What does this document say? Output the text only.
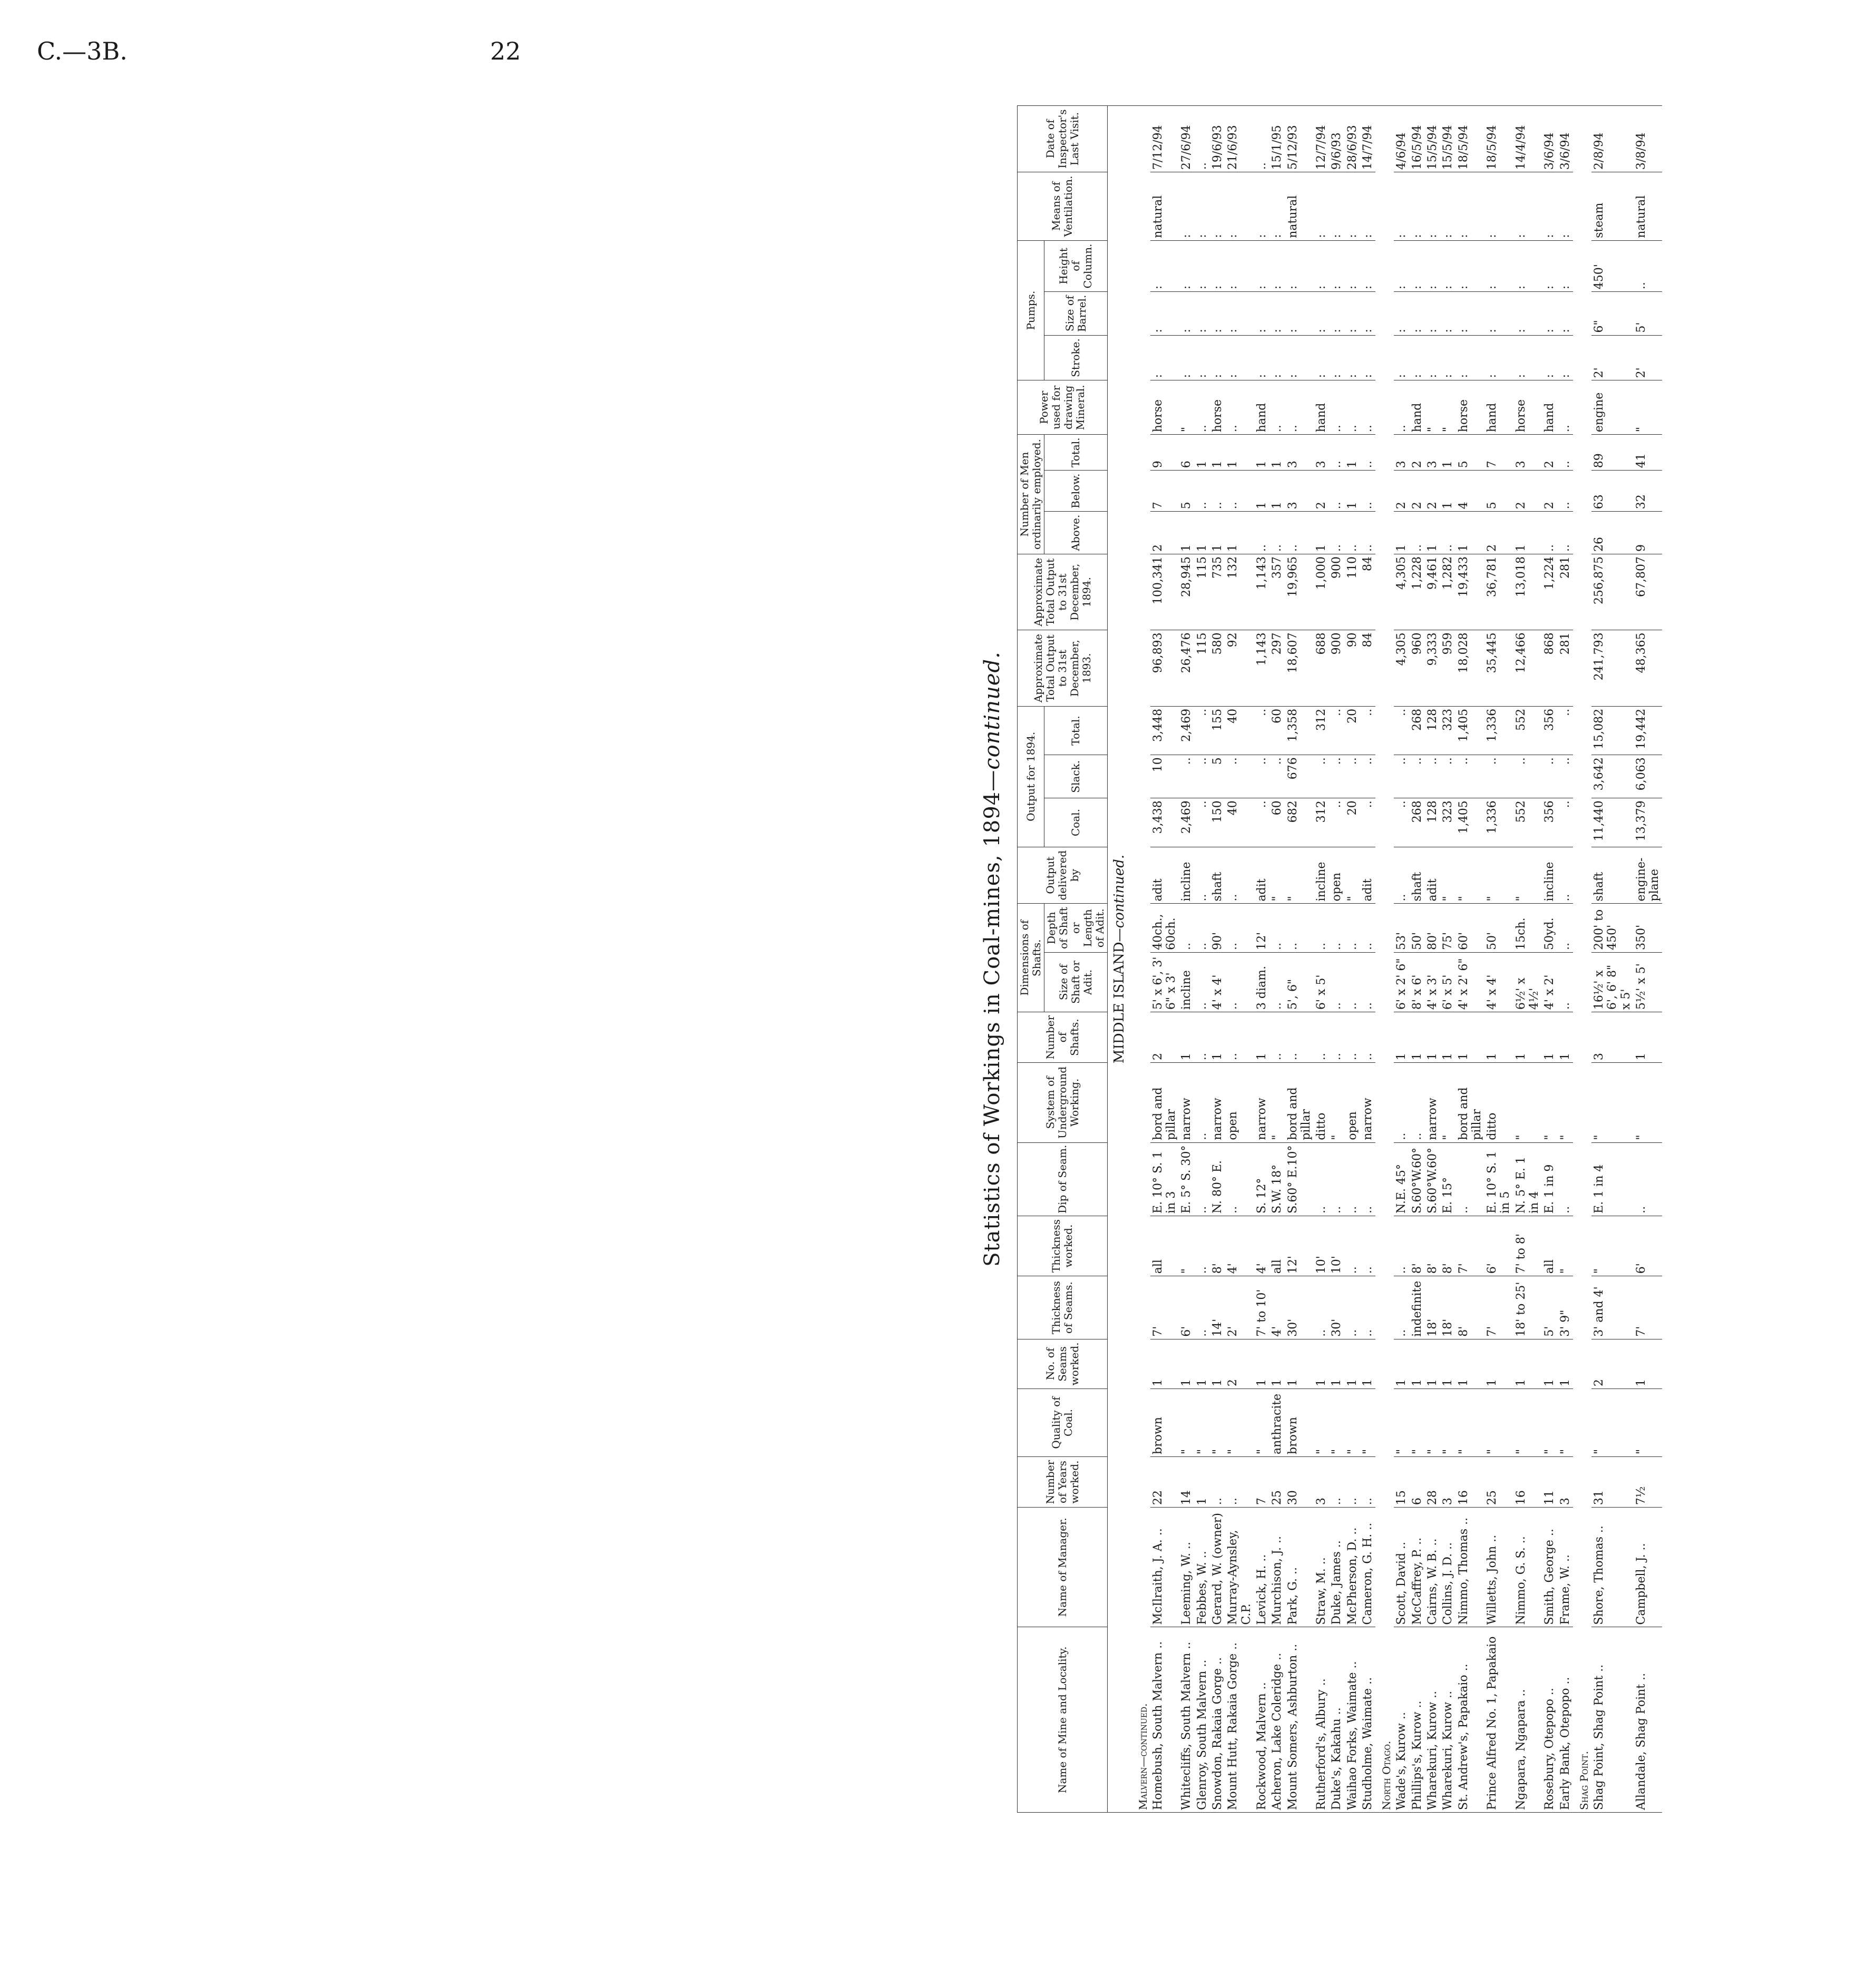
C.—3B.	22
Statistics of Workings in Coal-mines, 1894—continued.
Name of Mine and Locality.	Name of Manager.	Number of Years worked.	Quality of Coal.	No. of Seams worked.	Thickness of Seams.	Thickness worked.	Dip of Seam.	System of Underground Working.	Number of Shafts.	Dimensions of Shafts.		Output delivered by	Output for 1894.			Approximate Total Output to 31st December, 1893.	Approximate Total Output to 31st December, 1894.	Number of Men ordinarily employed.			Power used for drawing Mineral.	Pumps.			Means of Ventilation.	Date of Inspector's Last Visit.
										Size of Shaft or Adit.	Depth of Shaft or Length of Adit.		Coal.	Slack.	Total.			Above.	Below.	Total.		Stroke.	Size of Barrel.	Height of Column.		

MIDDLE ISLAND—continued.																										
Malvern—continued.																										
Homebush, South Malvern ..	McIlraith, J. A. ..	22	brown	1	7'	all	E. 10° S. 1 in 3	bord and pillar	2	5' x 6', 3' 6" x 3'	40ch., 60ch.	adit	3,438	10	3,448	96,893	100,341	2	7	9	horse	:	:	:	natural	7/12/94
Whitecliffs, South Malvern ..	Leeming, W. ..	14	"	1	6'	"	E. 5° S. 30°	narrow	1	incline	..	incline	2,469	..	2,469	26,476	28,945	1	5	6	"	:	:	:	:	27/6/94
Glenroy, South Malvern ..	Febbes, W. ..	1	"	1	..	..	..	..	..	..	..	..	..	..	..	115	115	1	..	1	..	:	:	:	:	..
Snowdon, Rakaia Gorge ..	Gerard, W. (owner)	..	"	1	14'	8'	N. 80° E.	narrow	1	4' x 4'	90'	shaft	150	5	155	580	735	1	..	1	horse	:	:	:	:	19/6/93
Mount Hutt, Rakaia Gorge ..	Murray-Aynsley, C.P.	..	"	2	2'	4'	..	open	..	..	..	..	40	..	40	92	132	1	..	1	..	:	:	:	:	21/6/93
Rockwood, Malvern ..	Levick, H. ..	7	"	1	7' to 10'	4'	S. 12°	narrow	1	3 diam.	12'	adit	..	..	..	1,143	1,143	..	1	1	hand	:	:	:	:	..
Acheron, Lake Coleridge ..	Murchison, J. ..	25	anthracite	1	4'	all	S.W. 18°	"	..	..	..	"	60	..	60	297	357	..	1	1	..	:	:	:	:	15/1/95
Mount Somers, Ashburton ..	Park, G. ..	30	brown	1	30'	12'	S.60° E.10°	bord and pillar	..	5', 6"	..	"	682	676	1,358	18,607	19,965	..	3	3	..	:	:	:	natural	5/12/93
Rutherford's, Albury ..	Straw, M. ..	3	"	1	..	10'	..	ditto	..	6' x 5'	..	incline	312	..	312	688	1,000	1	2	3	hand	:	:	:	:	12/7/94
Duke's, Kakahu ..	Duke, James ..	..	"	1	30'	10'	..	"	..	..	..	open	..	..	..	900	900	..	..	..	..	:	:	:	:	9/6/93
Waihao Forks, Waimate ..	McPherson, D. ..	..	"	1	..	..	..	open	..	..	..	"	20	..	20	90	110	..	1	1	..	:	:	:	:	28/6/93
Studholme, Waimate ..	Cameron, G. H. ..	..	"	1	..	..	..	narrow	..	..	..	adit	..	..	..	84	84	..	..	..	..	:	:	:	:	14/7/94
North Otago.																										
Wade's, Kurow ..	Scott, David ..	15	"	1	..	..	N.E. 45°	..	1	6' x 2' 6"	53'	..	..	..	..	4,305	4,305	1	2	3	..	:	:	:	:	4/6/94
Phillips's, Kurow ..	McCaffrey, P. ..	6	"	1	indefinite	8'	S.60°W.60°	..	1	8' x 6'	50'	shaft	268	..	268	960	1,228	..	2	2	hand	:	:	:	:	16/5/94
Wharekuri, Kurow ..	Cairns, W. B. ..	28	"	1	18'	8'	S.60°W.60°	narrow	1	4' x 3'	80'	adit	128	..	128	9,333	9,461	1	2	3	"	:	:	:	:	15/5/94
Wharekuri, Kurow ..	Collins, J. D. ..	3	"	1	18'	8'	E. 15°	"	1	6' x 5'	75'	"	323	..	323	959	1,282	..	1	1	"	:	:	:	:	15/5/94
St. Andrew's, Papakaio ..	Nimmo, Thomas ..	16	"	1	8'	7'	..	bord and pillar	1	4' x 2' 6"	60'	"	1,405	..	1,405	18,028	19,433	1	4	5	horse	:	:	:	:	18/5/94
Prince Alfred No. 1, Papakaio	Willetts, John ..	25	"	1	7'	6'	E. 10° S. 1 in 5	ditto	1	4' x 4'	50'	"	1,336	..	1,336	35,445	36,781	2	5	7	hand	:	:	:	:	18/5/94
Ngapara, Ngapara ..	Nimmo, G. S. ..	16	"	1	18' to 25'	7' to 8'	N. 5° E. 1 in 4	"	1	6½' x 4½'	15ch.	"	552	..	552	12,466	13,018	1	2	3	horse	:	:	:	:	14/4/94
Rosebury, Otepopo ..	Smith, George ..	11	"	1	5'	all	E. 1 in 9	"	1	4' x 2'	50yd.	incline	356	..	356	868	1,224	..	2	2	hand	:	:	:	:	3/6/94
Early Bank, Otepopo ..	Frame, W. ..	3	"	1	3' 9"	"	..	"	1	..	..	..	..	..	..	281	281	..	..	..	..	:	:	:	:	3/6/94
Shag Point.																										
Shag Point, Shag Point ..	Shore, Thomas ..	31	"	2	3' and 4'	"	E. 1 in 4	"	3	16½' x 6', 6' 8" x 5'	200' to 450'	shaft	11,440	3,642	15,082	241,793	256,875	26	63	89	engine	2'	6"	450'	steam	2/8/94
Allandale, Shag Point ..	Campbell, J. ..	7½	"	1	7'	6'	..	"	1	5½' x 5'	350'	engine-plane	13,379	6,063	19,442	48,365	67,807	9	32	41	"	2'	5'	..	natural	3/8/94
